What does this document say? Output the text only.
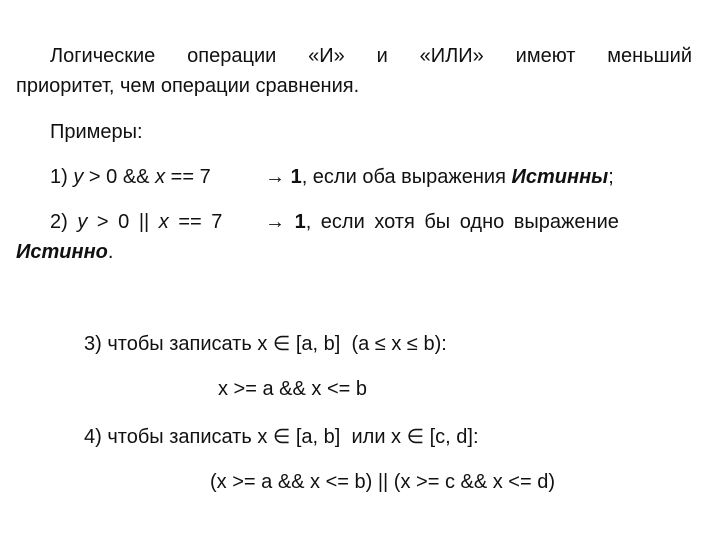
Логические операции «И» и «ИЛИ» имеют меньший
приоритет, чем операции сравнения.
Примеры:
1) y > 0 && x == 7	→ 1, если оба выражения Истинны;
2) y > 0 || x == 7 → 1, если хотя бы одно выражение
Истинно.
3) чтобы записать x ∈ [a, b] (a ≤ x ≤ b):
x >= a && x <= b
4) чтобы записать x ∈ [a, b] или x ∈ [c, d]:
(x >= a && x <= b) || (x >= c && x <= d)
